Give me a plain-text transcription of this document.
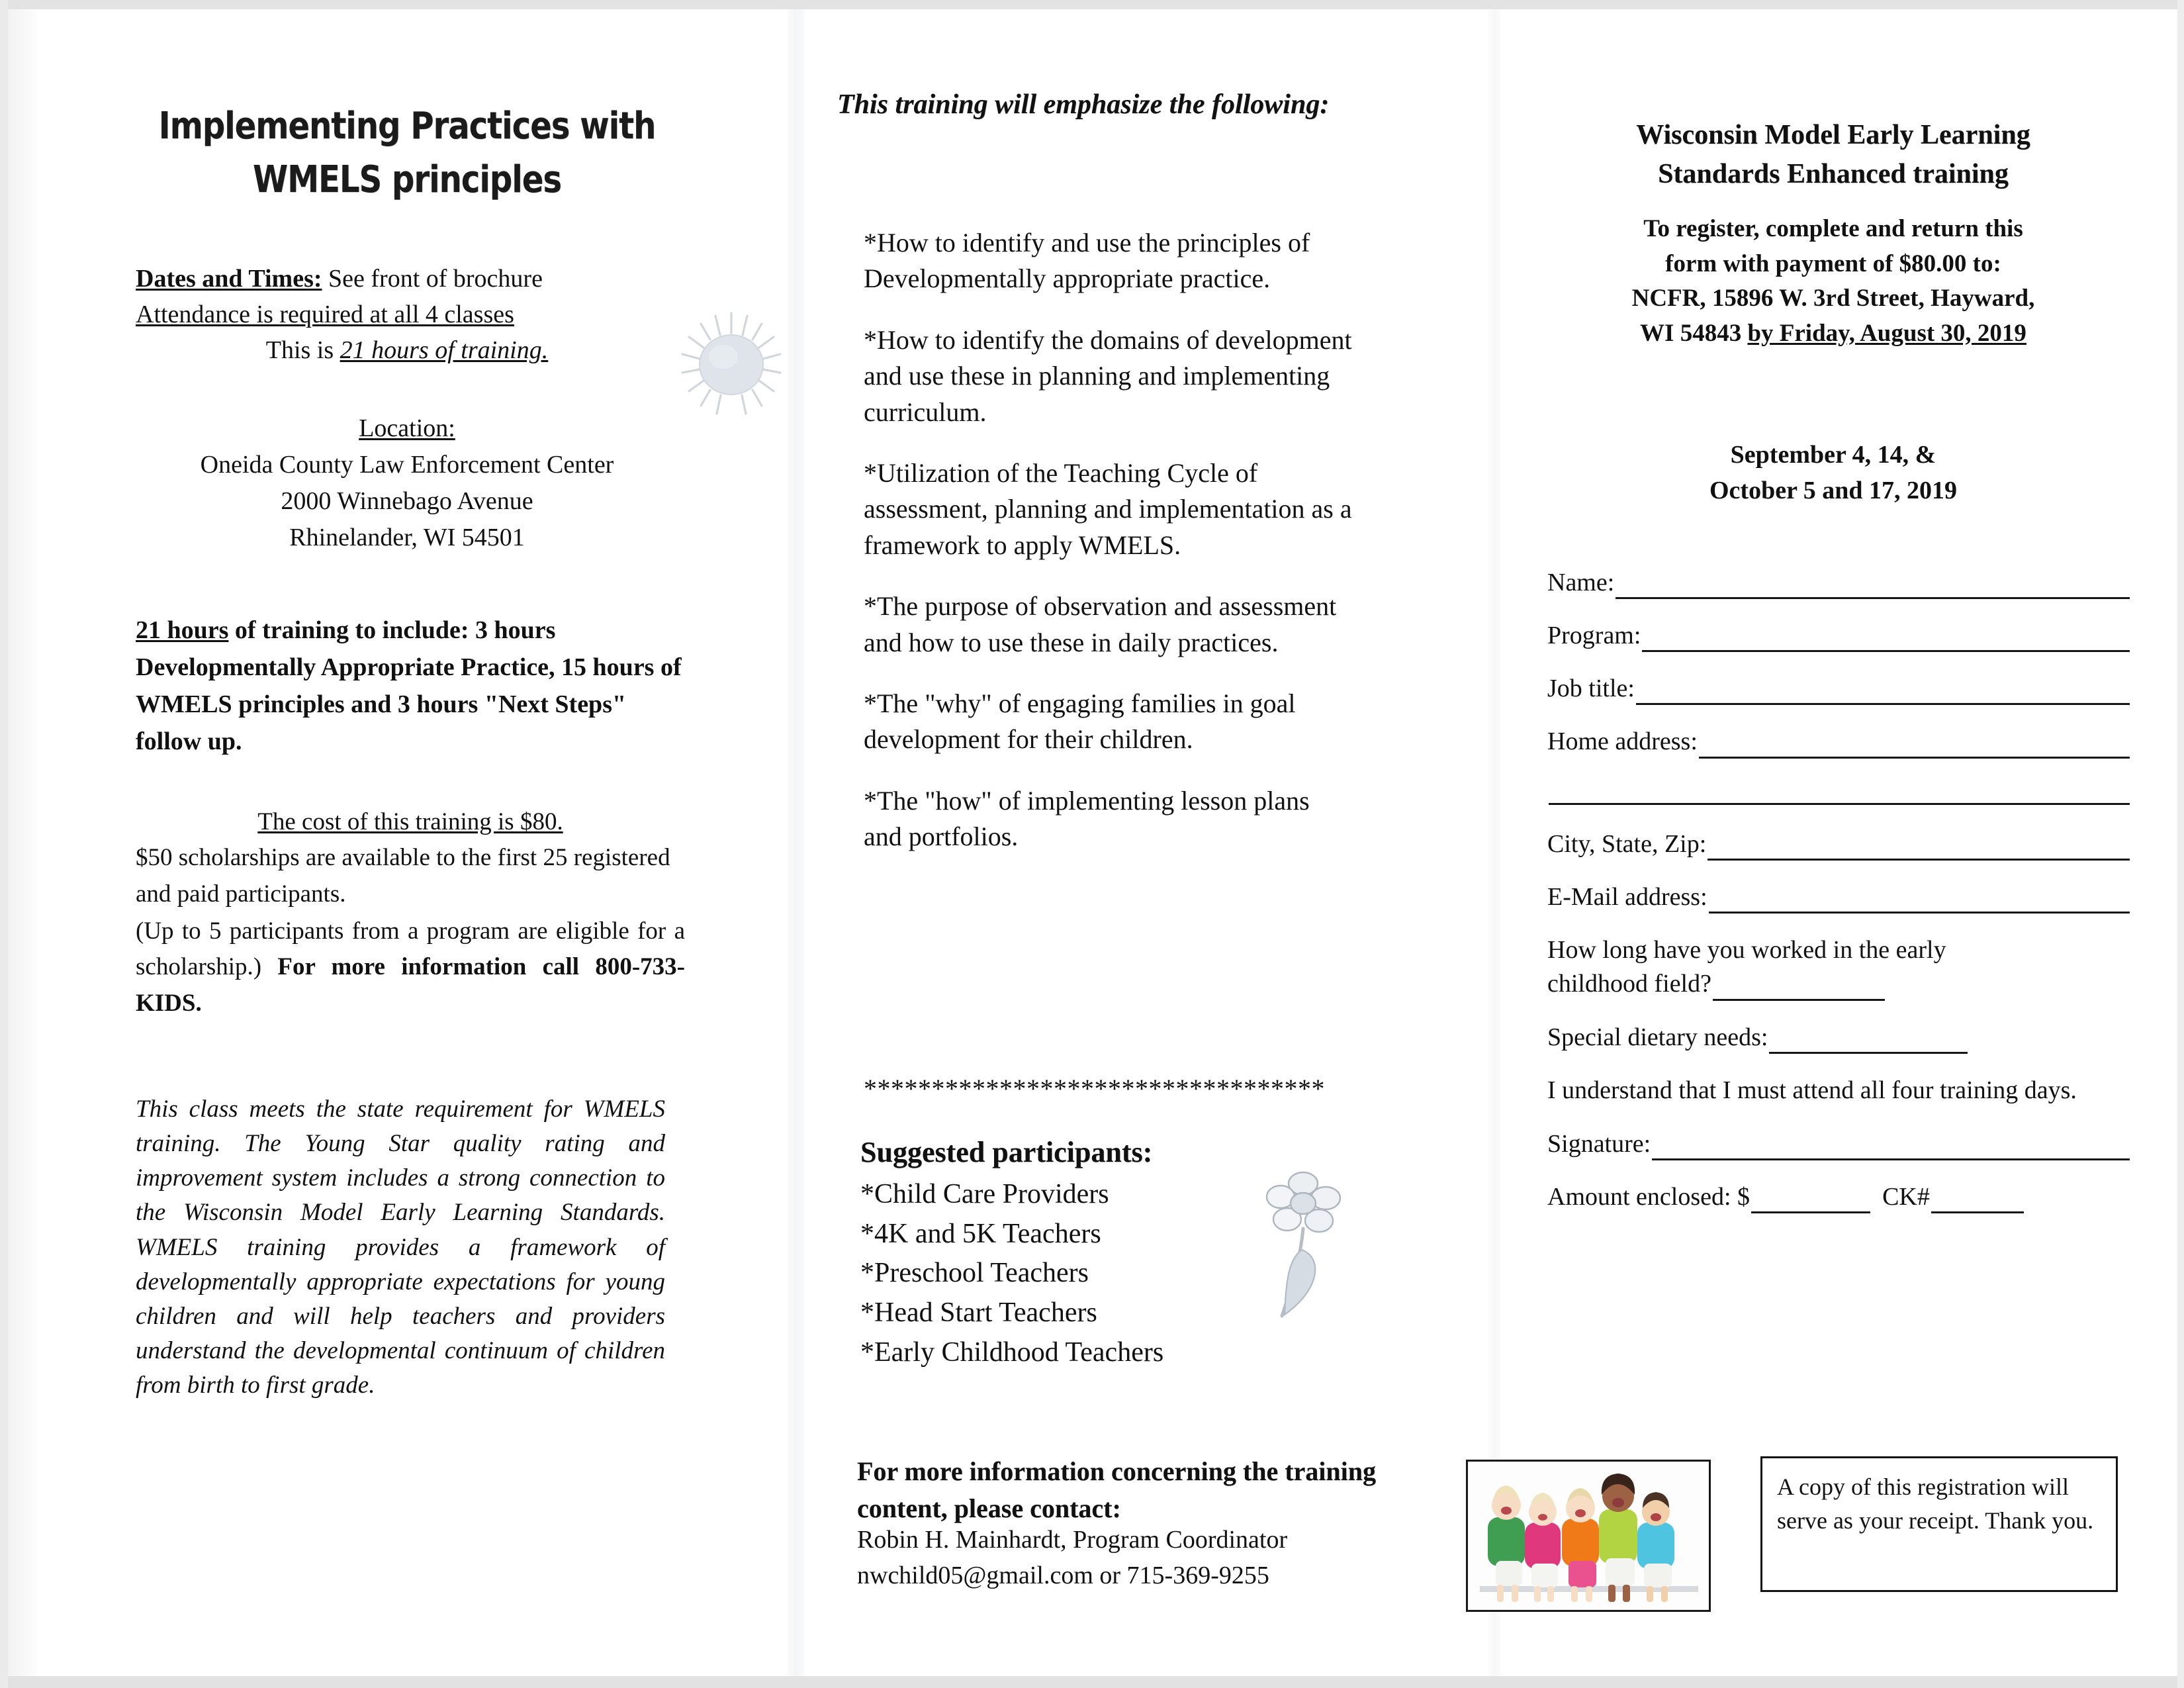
Implementing Practices with
WMELS principles
Dates and Times: See front of brochure
Attendance is required at all 4 classes
This is 21 hours of training.
Location:
Oneida County Law Enforcement Center
2000 Winnebago Avenue
Rhinelander, WI 54501
21 hours of training to include: 3 hours Developmentally Appropriate Practice, 15 hours of WMELS principles and 3 hours "Next Steps" follow up.
The cost of this training is $80.
$50 scholarships are available to the first 25 registered and paid participants.
(Up to 5 participants from a program are eligible for a scholarship.) For more information call 800-733-KIDS.
This class meets the state requirement for WMELS training. The Young Star quality rating and improvement system includes a strong connection to the Wisconsin Model Early Learning Standards. WMELS training provides a framework of developmentally appropriate expectations for young children and will help teachers and providers understand the developmental continuum of children from birth to first grade.
This training will emphasize the following:
*How to identify and use the principles of Developmentally appropriate practice.
*How to identify the domains of development and use these in planning and implementing curriculum.
*Utilization of the Teaching Cycle of assessment, planning and implementation as a framework to apply WMELS.
*The purpose of observation and assessment and how to use these in daily practices.
*The "why" of engaging families in goal development for their children.
*The "how" of implementing lesson plans and portfolios.
**********************************
Suggested participants:
*Child Care Providers
*4K and 5K Teachers
*Preschool Teachers
*Head Start Teachers
*Early Childhood Teachers
For more information concerning the training content, please contact:
Robin H. Mainhardt, Program Coordinator
nwchild05@gmail.com or 715-369-9255
Wisconsin Model Early Learning
Standards Enhanced training
To register, complete and return this
form with payment of $80.00 to:
NCFR, 15896 W. 3rd Street, Hayward,
WI 54843 by Friday, August 30, 2019
September 4, 14, &
October 5 and 17, 2019
Name:
Program:
Job title:
Home address:
City, State, Zip:
E-Mail address:
How long have you worked in the early
childhood field?
Special dietary needs:
I understand that I must attend all four training days.
Signature:
Amount enclosed: $	CK#
A copy of this registration will serve as your receipt. Thank you.
